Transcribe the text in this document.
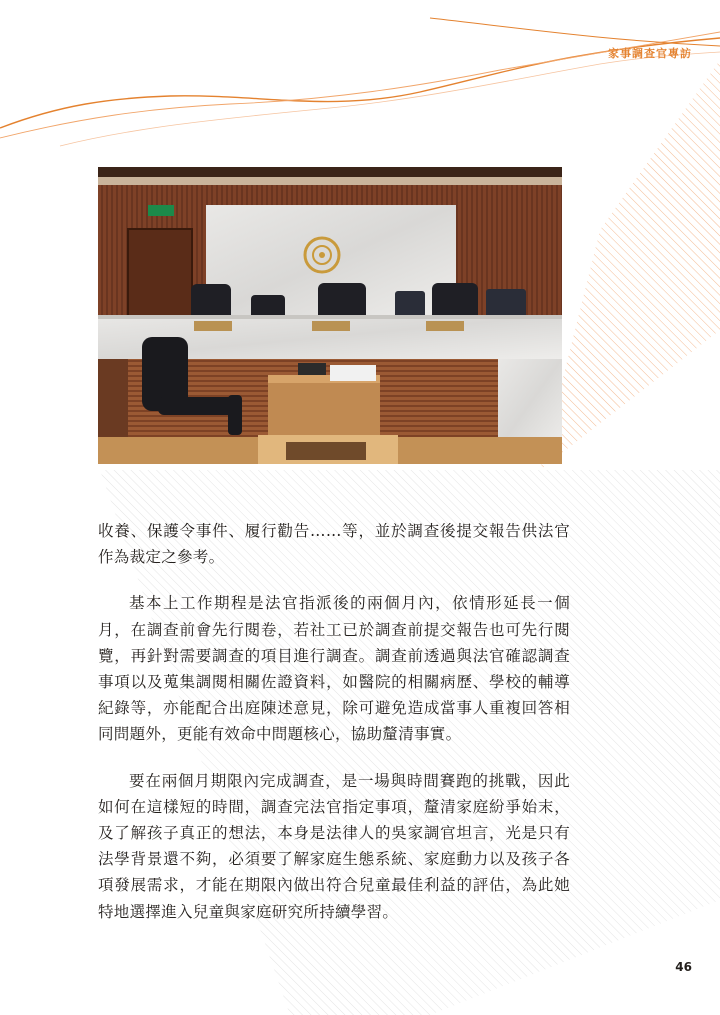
家事調查官專訪

收養、保護令事件、履行勸告……等，並於調查後提交報告供法官作為裁定之參考。

基本上工作期程是法官指派後的兩個月內，依情形延長一個月，在調查前會先行閱卷，若社工已於調查前提交報告也可先行閱覽，再針對需要調查的項目進行調查。調查前透過與法官確認調查事項以及蒐集調閱相關佐證資料，如醫院的相關病歷、學校的輔導紀錄等，亦能配合出庭陳述意見，除可避免造成當事人重複回答相同問題外，更能有效命中問題核心，協助釐清事實。

要在兩個月期限內完成調查，是一場與時間賽跑的挑戰，因此如何在這樣短的時間，調查完法官指定事項，釐清家庭紛爭始末，及了解孩子真正的想法，本身是法律人的吳家調官坦言，光是只有法學背景還不夠，必須要了解家庭生態系統、家庭動力以及孩子各項發展需求，才能在期限內做出符合兒童最佳利益的評估，為此她特地選擇進入兒童與家庭研究所持續學習。

46
